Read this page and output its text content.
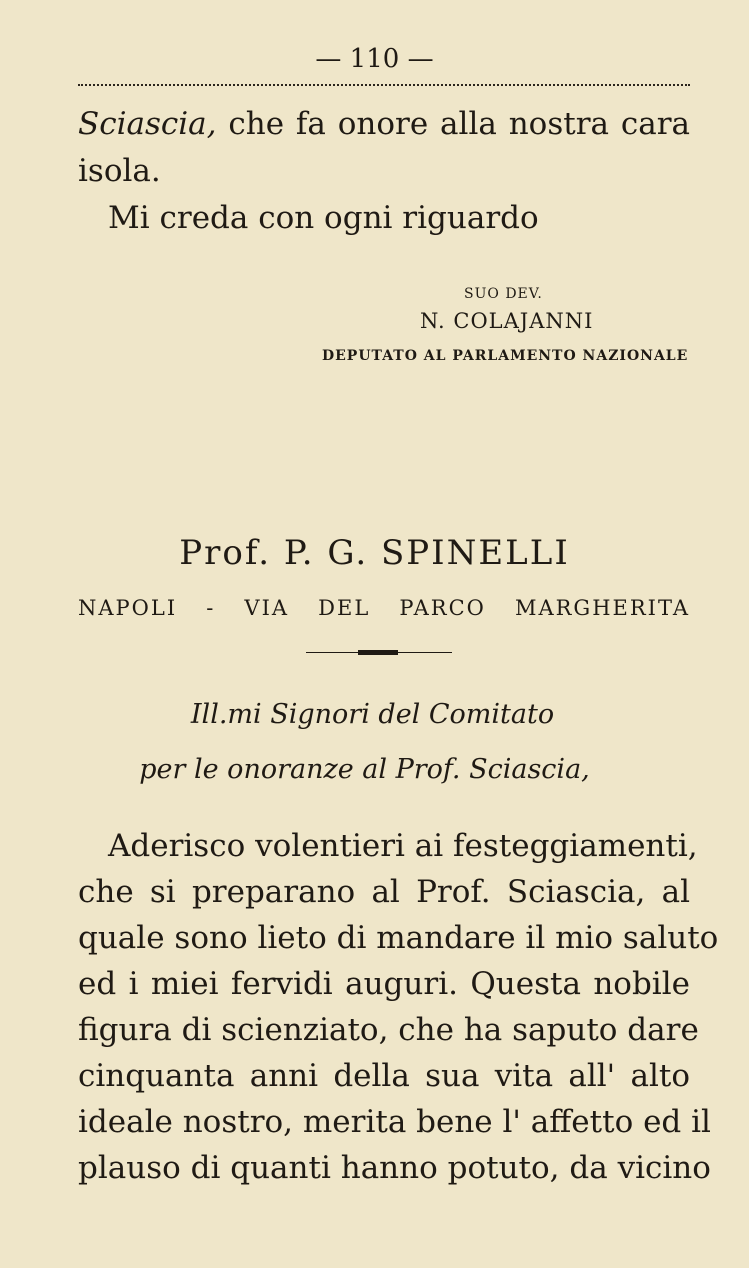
— 110 —
Sciascia, che fa onore alla nostra cara
isola.
Mi creda con ogni riguardo
SUO DEV.
N. COLAJANNI
DEPUTATO AL PARLAMENTO NAZIONALE
Prof. P. G. SPINELLI
NAPOLI - VIA DEL PARCO MARGHERITA
Ill.mi Signori del Comitato
per le onoranze al Prof. Sciascia,
Aderisco volentieri ai festeggiamenti,
che si preparano al Prof. Sciascia, al
quale sono lieto di mandare il mio saluto
ed i miei fervidi auguri. Questa nobile
figura di scienziato, che ha saputo dare
cinquanta anni della sua vita all' alto
ideale nostro, merita bene l' affetto ed il
plauso di quanti hanno potuto, da vicino
